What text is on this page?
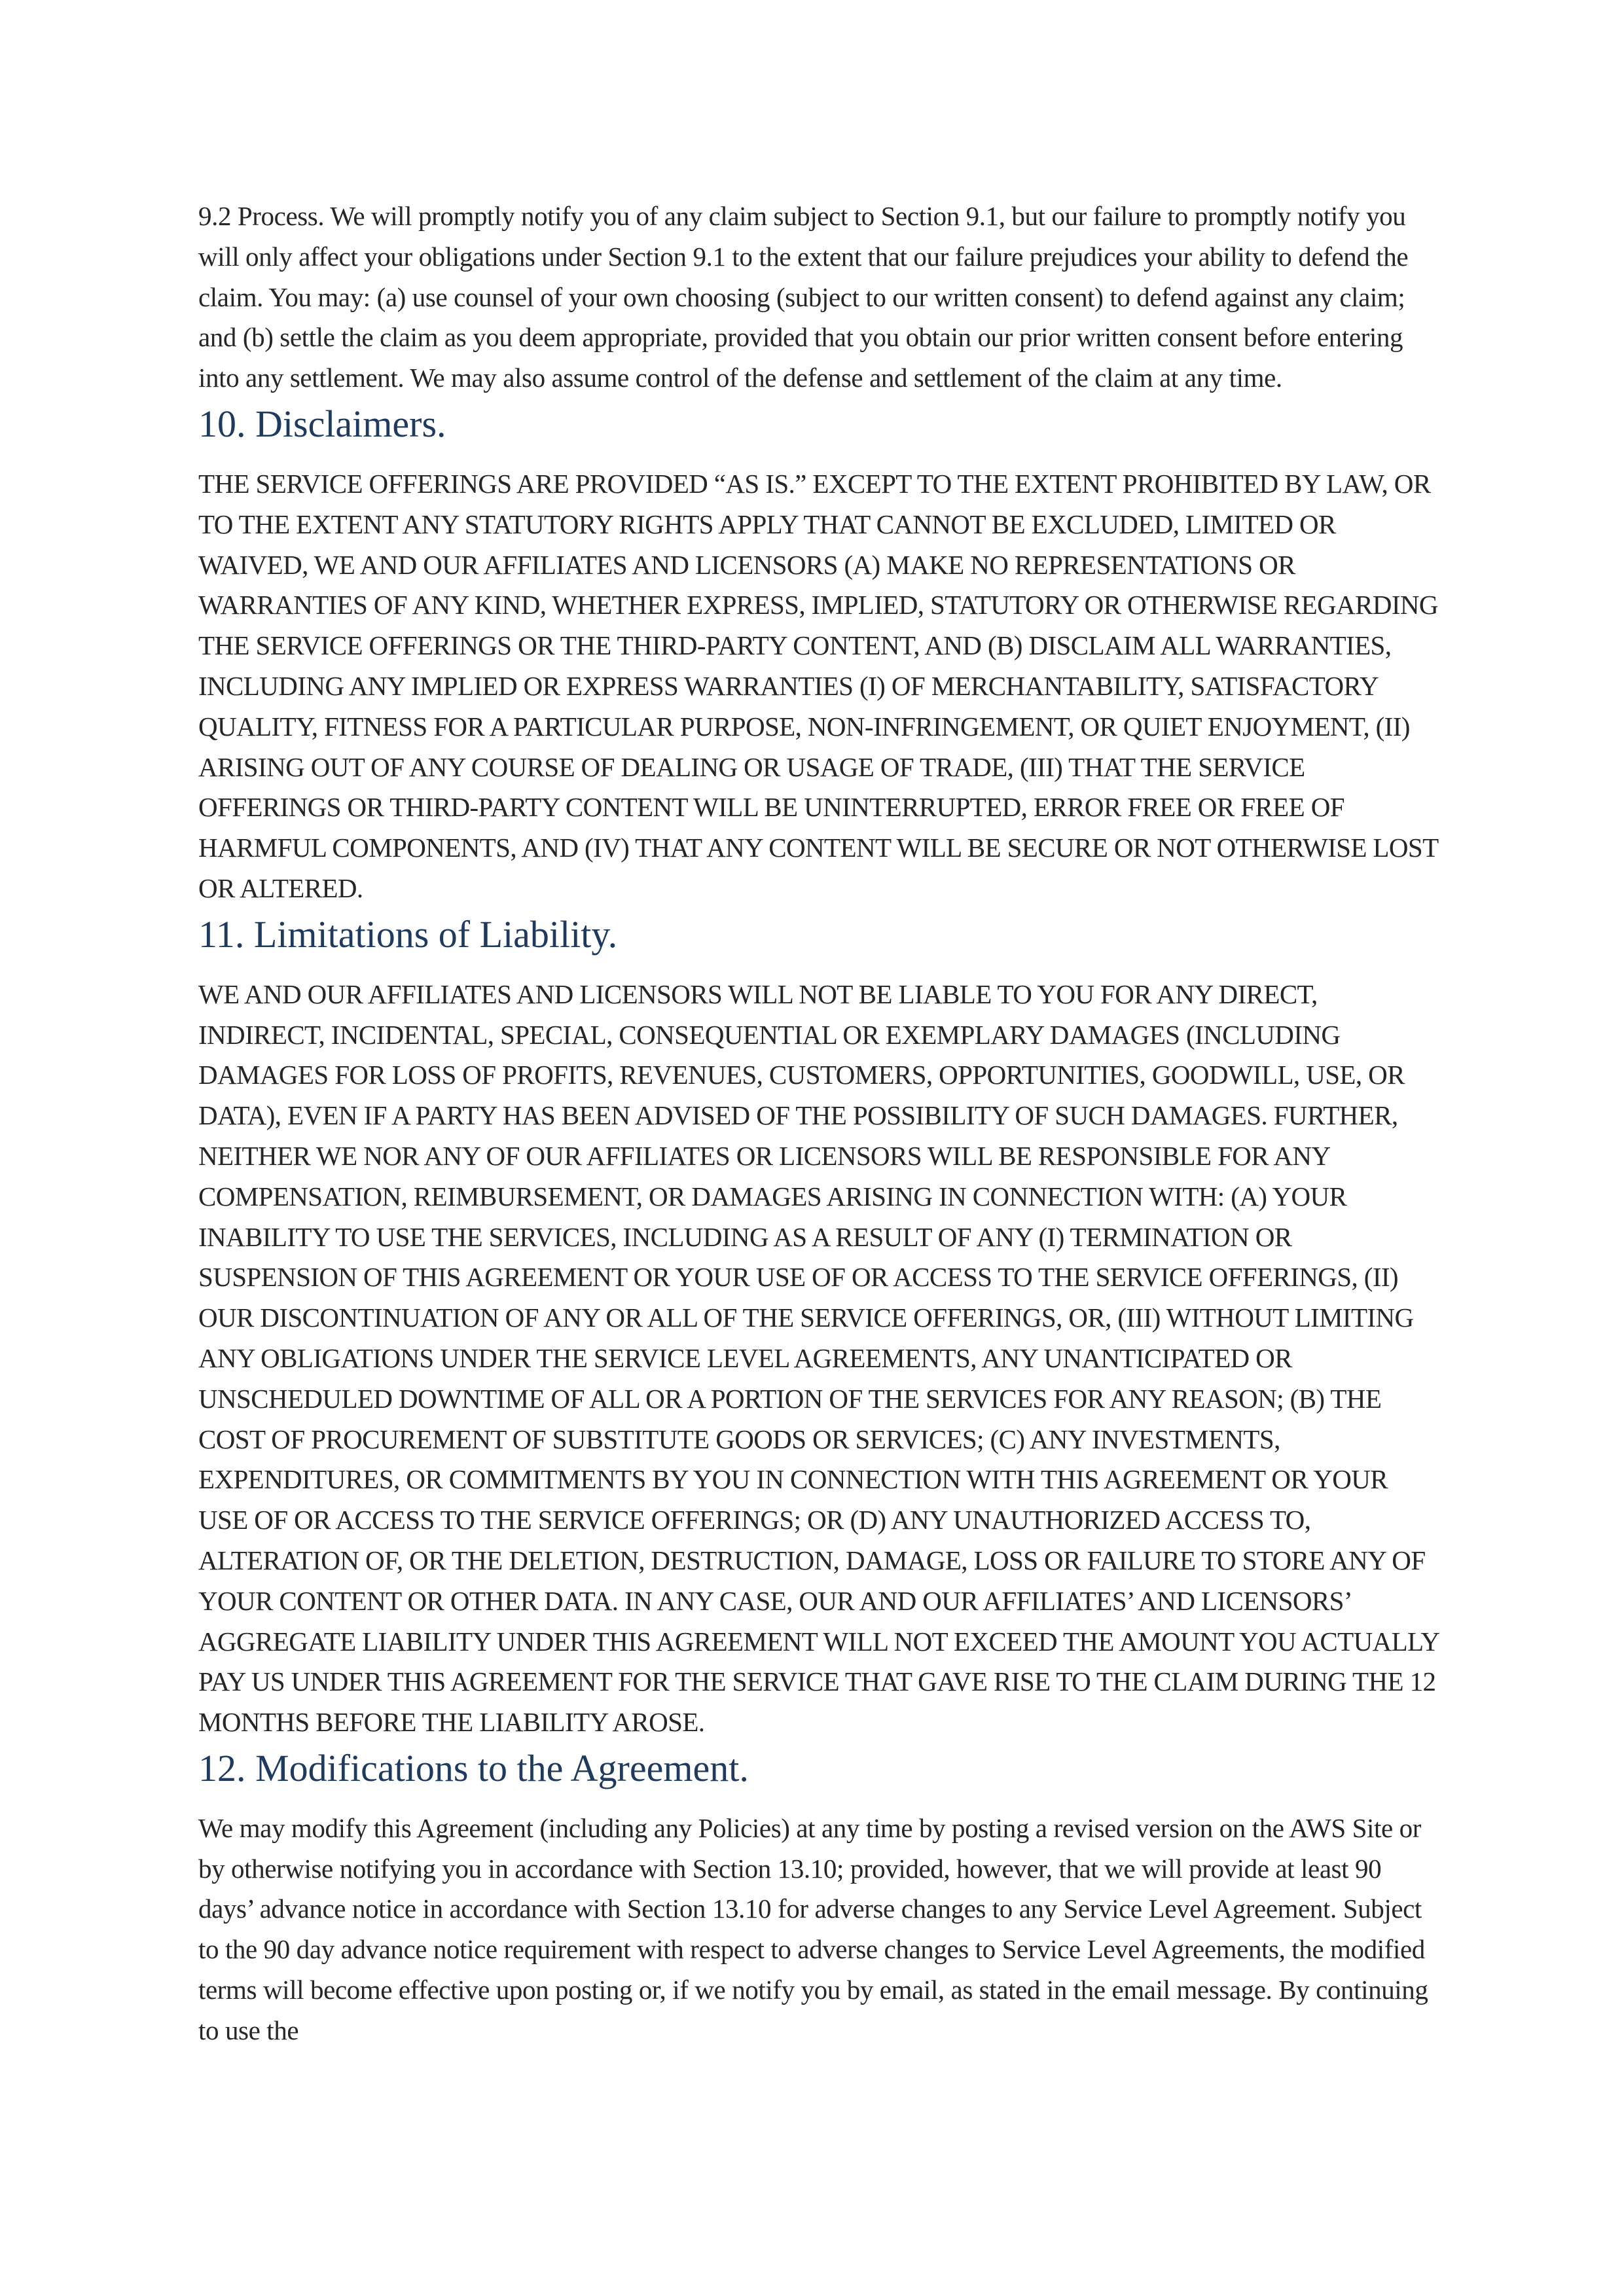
9.2 Process. We will promptly notify you of any claim subject to Section 9.1, but our failure to promptly notify you will only affect your obligations under Section 9.1 to the extent that our failure prejudices your ability to defend the claim. You may: (a) use counsel of your own choosing (subject to our written consent) to defend against any claim; and (b) settle the claim as you deem appropriate, provided that you obtain our prior written consent before entering into any settlement. We may also assume control of the defense and settlement of the claim at any time.

10. Disclaimers.

THE SERVICE OFFERINGS ARE PROVIDED “AS IS.” EXCEPT TO THE EXTENT PROHIBITED BY LAW, OR TO THE EXTENT ANY STATUTORY RIGHTS APPLY THAT CANNOT BE EXCLUDED, LIMITED OR WAIVED, WE AND OUR AFFILIATES AND LICENSORS (A) MAKE NO REPRESENTATIONS OR WARRANTIES OF ANY KIND, WHETHER EXPRESS, IMPLIED, STATUTORY OR OTHERWISE REGARDING THE SERVICE OFFERINGS OR THE THIRD-PARTY CONTENT, AND (B) DISCLAIM ALL WARRANTIES, INCLUDING ANY IMPLIED OR EXPRESS WARRANTIES (I) OF MERCHANTABILITY, SATISFACTORY QUALITY, FITNESS FOR A PARTICULAR PURPOSE, NON-INFRINGEMENT, OR QUIET ENJOYMENT, (II) ARISING OUT OF ANY COURSE OF DEALING OR USAGE OF TRADE, (III) THAT THE SERVICE OFFERINGS OR THIRD-PARTY CONTENT WILL BE UNINTERRUPTED, ERROR FREE OR FREE OF HARMFUL COMPONENTS, AND (IV) THAT ANY CONTENT WILL BE SECURE OR NOT OTHERWISE LOST OR ALTERED.

11. Limitations of Liability.

WE AND OUR AFFILIATES AND LICENSORS WILL NOT BE LIABLE TO YOU FOR ANY DIRECT, INDIRECT, INCIDENTAL, SPECIAL, CONSEQUENTIAL OR EXEMPLARY DAMAGES (INCLUDING DAMAGES FOR LOSS OF PROFITS, REVENUES, CUSTOMERS, OPPORTUNITIES, GOODWILL, USE, OR DATA), EVEN IF A PARTY HAS BEEN ADVISED OF THE POSSIBILITY OF SUCH DAMAGES. FURTHER, NEITHER WE NOR ANY OF OUR AFFILIATES OR LICENSORS WILL BE RESPONSIBLE FOR ANY COMPENSATION, REIMBURSEMENT, OR DAMAGES ARISING IN CONNECTION WITH: (A) YOUR INABILITY TO USE THE SERVICES, INCLUDING AS A RESULT OF ANY (I) TERMINATION OR SUSPENSION OF THIS AGREEMENT OR YOUR USE OF OR ACCESS TO THE SERVICE OFFERINGS, (II) OUR DISCONTINUATION OF ANY OR ALL OF THE SERVICE OFFERINGS, OR, (III) WITHOUT LIMITING ANY OBLIGATIONS UNDER THE SERVICE LEVEL AGREEMENTS, ANY UNANTICIPATED OR UNSCHEDULED DOWNTIME OF ALL OR A PORTION OF THE SERVICES FOR ANY REASON; (B) THE COST OF PROCUREMENT OF SUBSTITUTE GOODS OR SERVICES; (C) ANY INVESTMENTS, EXPENDITURES, OR COMMITMENTS BY YOU IN CONNECTION WITH THIS AGREEMENT OR YOUR USE OF OR ACCESS TO THE SERVICE OFFERINGS; OR (D) ANY UNAUTHORIZED ACCESS TO, ALTERATION OF, OR THE DELETION, DESTRUCTION, DAMAGE, LOSS OR FAILURE TO STORE ANY OF YOUR CONTENT OR OTHER DATA. IN ANY CASE, OUR AND OUR AFFILIATES’ AND LICENSORS’ AGGREGATE LIABILITY UNDER THIS AGREEMENT WILL NOT EXCEED THE AMOUNT YOU ACTUALLY PAY US UNDER THIS AGREEMENT FOR THE SERVICE THAT GAVE RISE TO THE CLAIM DURING THE 12 MONTHS BEFORE THE LIABILITY AROSE.

12. Modifications to the Agreement.

We may modify this Agreement (including any Policies) at any time by posting a revised version on the AWS Site or by otherwise notifying you in accordance with Section 13.10; provided, however, that we will provide at least 90 days’ advance notice in accordance with Section 13.10 for adverse changes to any Service Level Agreement. Subject to the 90 day advance notice requirement with respect to adverse changes to Service Level Agreements, the modified terms will become effective upon posting or, if we notify you by email, as stated in the email message. By continuing to use the
